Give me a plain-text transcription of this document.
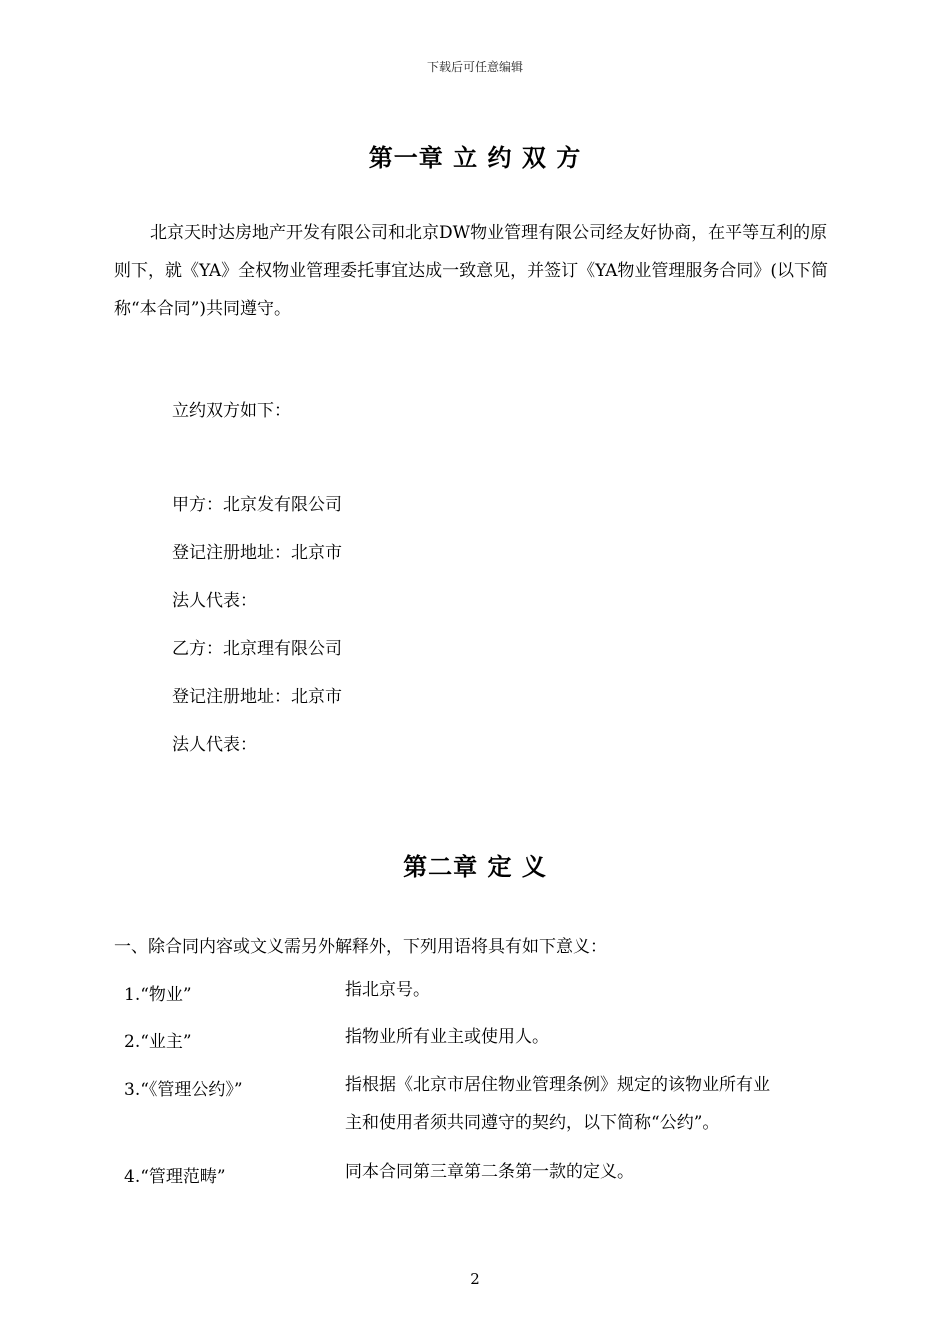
下载后可任意编辑
第一章 立 约 双 方
北京天时达房地产开发有限公司和北京DW物业管理有限公司经友好协商，在平等互利的原则下，就《YA》全权物业管理委托事宜达成一致意见，并签订《YA物业管理服务合同》(以下简称“本合同”)共同遵守。
立约双方如下：
甲方：北京发有限公司
登记注册地址：北京市
法人代表：
乙方：北京理有限公司
登记注册地址：北京市
法人代表：
第二章 定 义
一、除合同内容或文义需另外解释外，下列用语将具有如下意义：
1.“物业”	指北京号。
2.“业主”	指物业所有业主或使用人。
3.“《管理公约》”	指根据《北京市居住物业管理条例》规定的该物业所有业
主和使用者须共同遵守的契约，以下简称“公约”。
4.“管理范畴”	同本合同第三章第二条第一款的定义。
2
